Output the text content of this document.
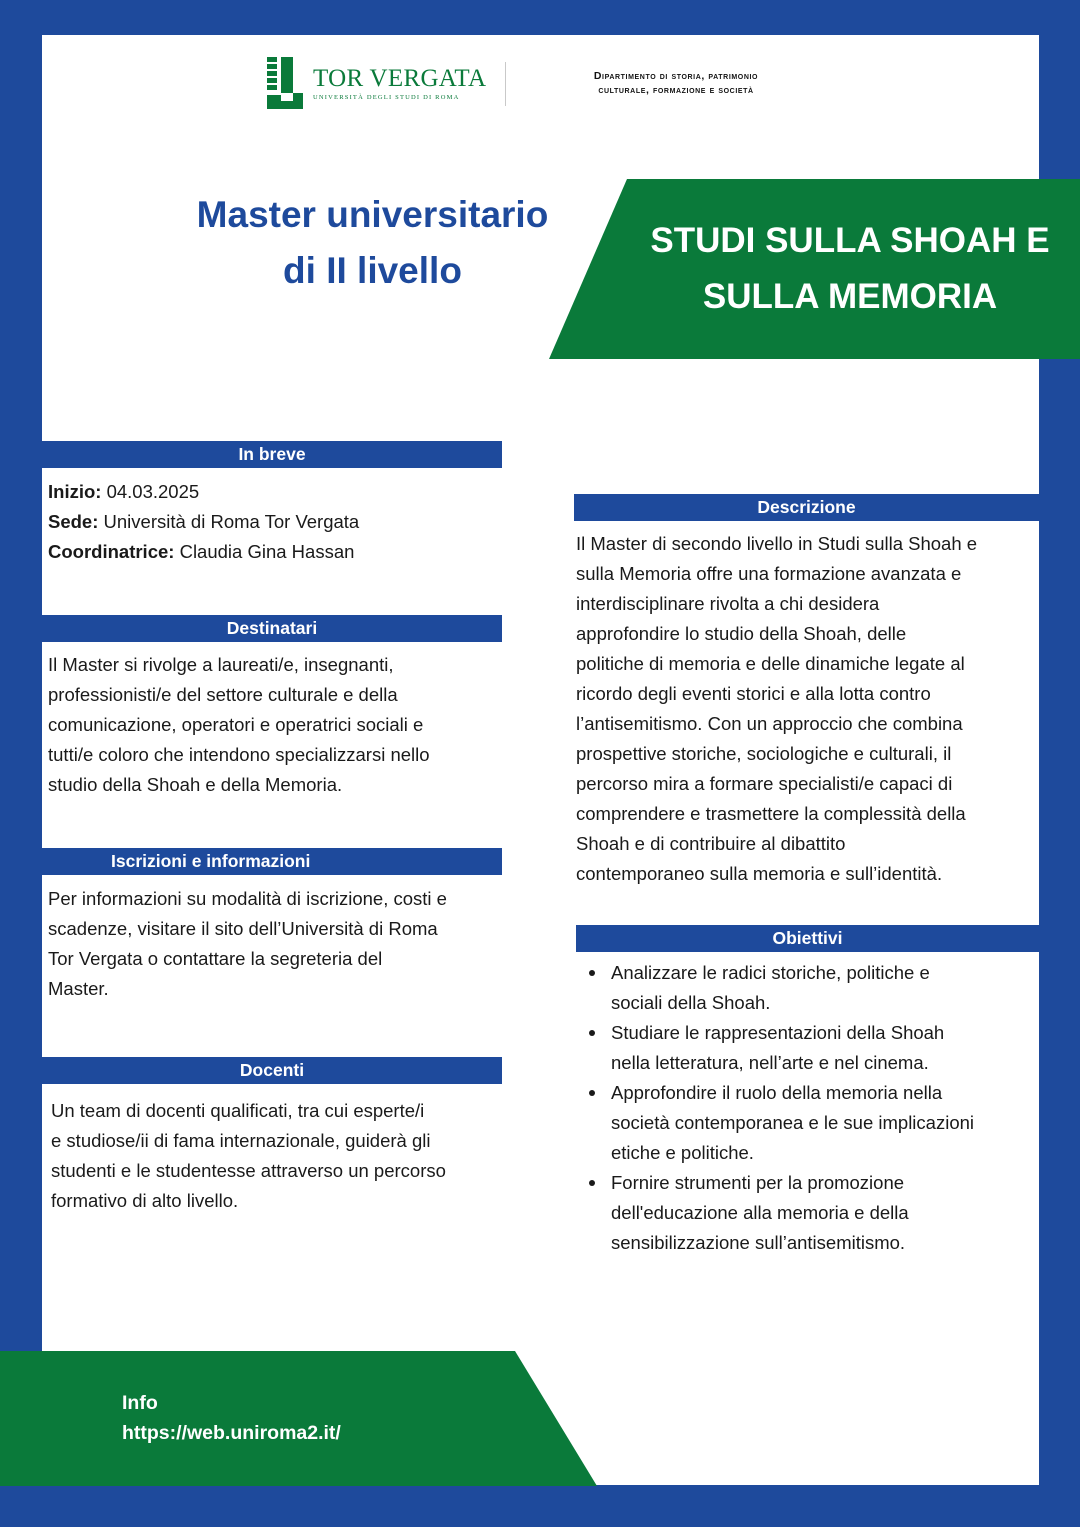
TOR VERGATA
UNIVERSITÀ DEGLI STUDI DI ROMA
Dipartimento di storia, patrimonio
culturale, formazione e società
Master universitario
di II livello
STUDI SULLA SHOAH E
SULLA MEMORIA
In breve

Inizio: 04.03.2025

Sede: Università di Roma Tor Vergata

Coordinatrice: Claudia Gina Hassan

Destinatari

Il Master si rivolge a laureati/e, insegnanti,

professionisti/e del settore culturale e della

comunicazione, operatori e operatrici sociali e

tutti/e coloro che intendono specializzarsi nello

studio della Shoah e della Memoria.

Iscrizioni e informazioni

Per informazioni su modalità di iscrizione, costi e

scadenze, visitare il sito dell’Università di Roma

Tor Vergata o contattare la segreteria del

Master.

Docenti

Un team di docenti qualificati, tra cui esperte/i

e studiose/ii di fama internazionale, guiderà gli

studenti e le studentesse attraverso un percorso

formativo di alto livello.

Descrizione

Il Master di secondo livello in Studi sulla Shoah e

sulla Memoria offre una formazione avanzata e

interdisciplinare rivolta a chi desidera

approfondire lo studio della Shoah, delle

politiche di memoria e delle dinamiche legate al

ricordo degli eventi storici e alla lotta contro

l’antisemitismo. Con un approccio che combina

prospettive storiche, sociologiche e culturali, il

percorso mira a formare specialisti/e capaci di

comprendere e trasmettere la complessità della

Shoah e di contribuire al dibattito

contemporaneo sulla memoria e sull’identità.

Obiettivi
Analizzare le radici storiche, politiche e
sociali della Shoah.
Studiare le rappresentazioni della Shoah
nella letteratura, nell’arte e nel cinema.
Approfondire il ruolo della memoria nella
società contemporanea e le sue implicazioni
etiche e politiche.
Fornire strumenti per la promozione
dell'educazione alla memoria e della
sensibilizzazione sull’antisemitismo.
Info
https://web.uniroma2.it/
